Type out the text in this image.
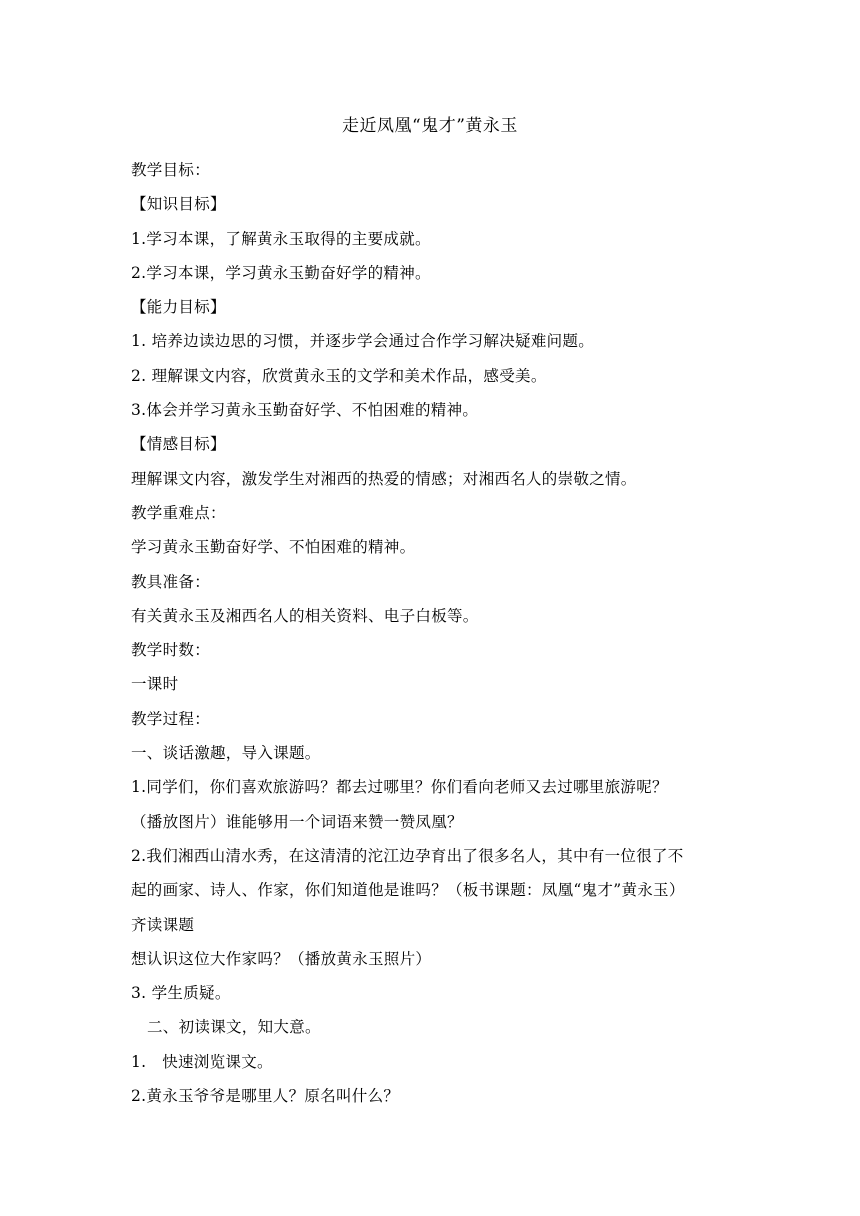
走近凤凰“鬼才”黄永玉
教学目标：
【知识目标】
1.学习本课，了解黄永玉取得的主要成就。
2.学习本课，学习黄永玉勤奋好学的精神。
【能力目标】
1. 培养边读边思的习惯，并逐步学会通过合作学习解决疑难问题。
2. 理解课文内容，欣赏黄永玉的文学和美术作品，感受美。
3.体会并学习黄永玉勤奋好学、不怕困难的精神。
【情感目标】
理解课文内容，激发学生对湘西的热爱的情感；对湘西名人的崇敬之情。
教学重难点：
学习黄永玉勤奋好学、不怕困难的精神。
教具准备：
有关黄永玉及湘西名人的相关资料、电子白板等。
教学时数：
一课时
教学过程：
一、谈话激趣，导入课题。
1.同学们，你们喜欢旅游吗？都去过哪里？你们看向老师又去过哪里旅游呢？
（播放图片）谁能够用一个词语来赞一赞凤凰？
2.我们湘西山清水秀，在这清清的沱江边孕育出了很多名人，其中有一位很了不
起的画家、诗人、作家，你们知道他是谁吗？（板书课题：凤凰“鬼才”黄永玉）
齐读课题
想认识这位大作家吗？（播放黄永玉照片）
3. 学生质疑。
二、初读课文，知大意。
1.　快速浏览课文。
2.黄永玉爷爷是哪里人？原名叫什么？
